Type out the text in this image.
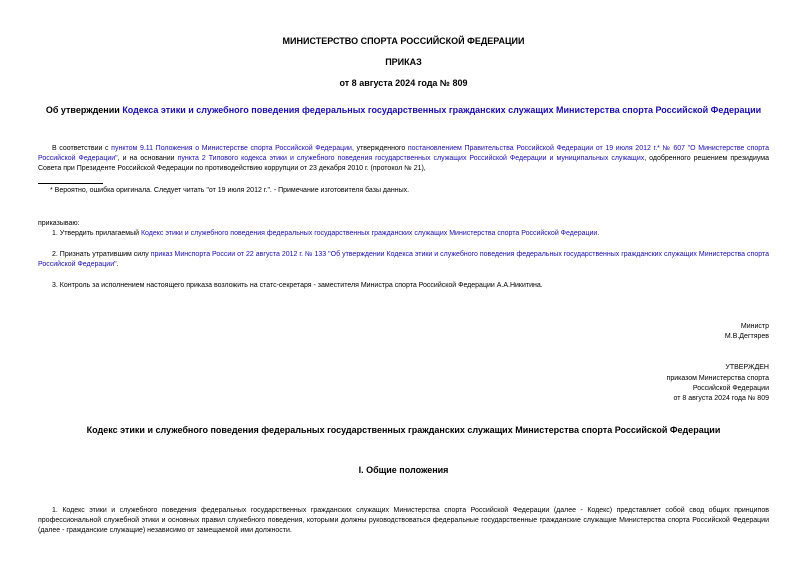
МИНИСТЕРСТВО СПОРТА РОССИЙСКОЙ ФЕДЕРАЦИИ
ПРИКАЗ
от 8 августа 2024 года № 809
Об утверждении Кодекса этики и служебного поведения федеральных государственных гражданских служащих Министерства спорта Российской Федерации
В соответствии с пунктом 9.11 Положения о Министерстве спорта Российской Федерации, утвержденного постановлением Правительства Российской Федерации от 19 июля 2012 г.* № 607 "О Министерстве спорта Российской Федерации", и на основании пункта 2 Типового кодекса этики и служебного поведения государственных служащих Российской Федерации и муниципальных служащих, одобренного решением президиума Совета при Президенте Российской Федерации по противодействию коррупции от 23 декабря 2010 г. (протокол № 21),
* Вероятно, ошибка оригинала. Следует читать "от 19 июля 2012 г.". - Примечание изготовителя базы данных.
приказываю:
1. Утвердить прилагаемый Кодекс этики и служебного поведения федеральных государственных гражданских служащих Министерства спорта Российской Федерации.
2. Признать утратившим силу приказ Минспорта России от 22 августа 2012 г. № 133 "Об утверждении Кодекса этики и служебного поведения федеральных государственных гражданских служащих Министерства спорта Российской Федерации".
3. Контроль за исполнением настоящего приказа возложить на статс-секретаря - заместителя Министра спорта Российской Федерации А.А.Никитина.
Министр
М.В.Дегтярев
УТВЕРЖДЕН
приказом Министерства спорта
Российской Федерации
от 8 августа 2024 года № 809
Кодекс этики и служебного поведения федеральных государственных гражданских служащих Министерства спорта Российской Федерации
I. Общие положения
1. Кодекс этики и служебного поведения федеральных государственных гражданских служащих Министерства спорта Российской Федерации (далее - Кодекс) представляет собой свод общих принципов профессиональной служебной этики и основных правил служебного поведения, которыми должны руководствоваться федеральные государственные гражданские служащие Министерства спорта Российской Федерации (далее - гражданские служащие) независимо от замещаемой ими должности.
